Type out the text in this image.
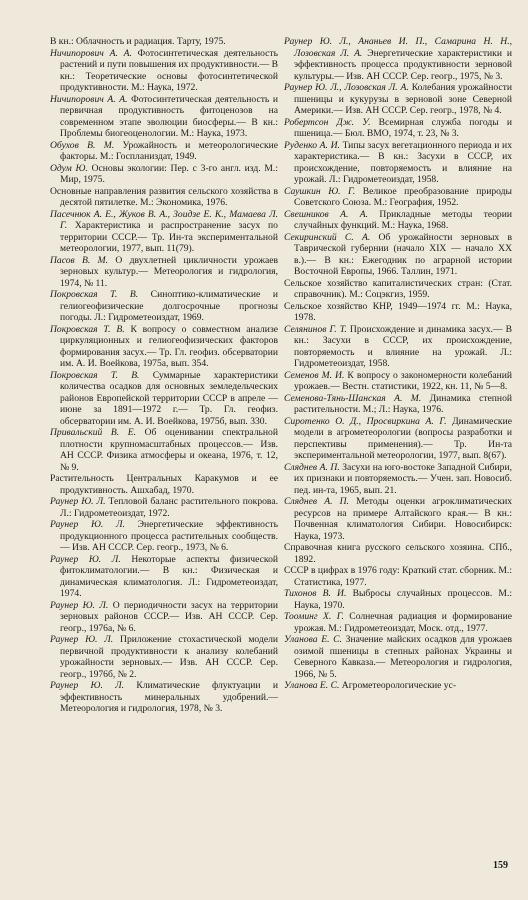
В кн.: Облачность и радиация. Тарту, 1975.

Ничипорович А. А. Фотосинтетическая деятельность растений и пути повышения их продуктивности.— В кн.: Теоретические основы фотосинтетической продуктивности. М.: Наука, 1972.

Ничипорович А. А. Фотосинтетическая деятельность и первичная продуктивность фитоценозов на современном этапе эволюции биосферы.— В кн.: Проблемы биогеоценологии. М.: Наука, 1973.

Обухов В. М. Урожайность и метеорологические факторы. М.: Госпланиздат, 1949.

Одум Ю. Основы экологии: Пер. с 3-го англ. изд. М.: Мир, 1975.

Основные направления развития сельского хозяйства в десятой пятилетке. М.: Экономика, 1976.

Пасечнюк А. Е., Жуков В. А., Зоидзе Е. К., Мамаева Л. Г. Характеристика и распространение засух по территории СССР.— Тр. Ин-та экспериментальной метеорологии, 1977, вып. 11(79).

Пасов В. М. О двухлетней цикличности урожаев зерновых культур.— Метеорология и гидрология, 1974, № 11.

Покровская Т. В. Синоптико-климатические и гелиогеофизические долгосрочные прогнозы погоды. Л.: Гидрометеоиздат, 1969.

Покровская Т. В. К вопросу о совместном анализе циркуляционных и гелиогеофизических факторов формирования засух.— Тр. Гл. геофиз. обсерватории им. А. И. Воейкова, 1975а, вып. 354.

Покровская Т. В. Суммарные характеристики количества осадков для основных земледельческих районов Европейской территории СССР в апреле — июне за 1891—1972 г.— Тр. Гл. геофиз. обсерватории им. А. И. Воейкова, 1975б, вып. 330.

Привальский В. Е. Об оценивании спектральной плотности крупномасштабных процессов.— Изв. АН СССР. Физика атмосферы и океана, 1976, т. 12, № 9.

Растительность Центральных Каракумов и ее продуктивность. Ашхабад, 1970.

Раунер Ю. Л. Тепловой баланс растительного покрова. Л.: Гидрометеоиздат, 1972.

Раунер Ю. Л. Энергетические эффективность продукционного процесса растительных сообществ.— Изв. АН СССР. Сер. геогр., 1973, № 6.

Раунер Ю. Л. Некоторые аспекты физической фитоклиматологии.— В кн.: Физическая и динамическая климатология. Л.: Гидрометеоиздат, 1974.

Раунер Ю. Л. О периодичности засух на территории зерновых районов СССР.— Изв. АН СССР. Сер. геогр., 1976а, № 6.

Раунер Ю. Л. Приложение стохастической модели первичной продуктивности к анализу колебаний урожайности зерновых.— Изв. АН СССР. Сер. геогр., 1976б, № 2.

Раунер Ю. Л. Климатические флуктуации и эффективность минеральных удобрений.— Метеорология и гидрология, 1978, № 3.

Раунер Ю. Л., Ананьев И. П., Самарина Н. Н., Лозовская Л. А. Энергетические характеристики и эффективность процесса продуктивности зерновой культуры.— Изв. АН СССР. Сер. геогр., 1975, № 3.

Раунер Ю. Л., Лозовская Л. А. Колебания урожайности пшеницы и кукурузы в зерновой зоне Северной Америки.— Изв. АН СССР. Сер. геогр., 1978, № 4.

Робертсон Дж. У. Всемирная служба погоды и пшеница.— Бюл. ВМО, 1974, т. 23, № 3.

Руденко А. И. Типы засух вегетационного периода и их характеристика.— В кн.: Засухи в СССР, их происхождение, повторяемость и влияние на урожай. Л.: Гидрометеоиздат, 1958.

Саушкин Ю. Г. Великое преобразование природы Советского Союза. М.: География, 1952.

Свешников А. А. Прикладные методы теории случайных функций. М.: Наука, 1968.

Секиринский С. А. Об урожайности зерновых в Таврической губернии (начало XIX — начало XX в.).— В кн.: Ежегодник по аграрной истории Восточной Европы, 1966. Таллин, 1971.

Сельское хозяйство капиталистических стран: (Стат. справочник). М.: Соцэкгиз, 1959.

Сельское хозяйство КНР, 1949—1974 гг. М.: Наука, 1978.

Селянинов Г. Т. Происхождение и динамика засух.— В кн.: Засухи в СССР, их происхождение, повторяемость и влияние на урожай. Л.: Гидрометеоиздат, 1958.

Семенов М. И. К вопросу о закономерности колебаний урожаев.— Вестн. статистики, 1922, кн. 11, № 5—8.

Семенова-Тянь-Шанская А. М. Динамика степной растительности. М.; Л.: Наука, 1976.

Сиротенко О. Д., Просвиркина А. Г. Динамические модели в агрометеорологии (вопросы разработки и перспективы применения).— Тр. Ин-та экспериментальной метеорологии, 1977, вып. 8(67).

Сляднев А. П. Засухи на юго-востоке Западной Сибири, их признаки и повторяемость.— Учен. зап. Новосиб. пед. ин-та, 1965, вып. 21.

Сляднев А. П. Методы оценки агроклиматических ресурсов на примере Алтайского края.— В кн.: Почвенная климатология Сибири. Новосибирск: Наука, 1973.

Справочная книга русского сельского хозяина. СПб., 1892.

СССР в цифрах в 1976 году: Краткий стат. сборник. М.: Статистика, 1977.

Тихонов В. И. Выбросы случайных процессов. М.: Наука, 1970.

Тооминг Х. Г. Солнечная радиация и формирование урожая. М.: Гидрометеоиздат, Моск. отд., 1977.

Уланова Е. С. Значение майских осадков для урожаев озимой пшеницы в степных районах Украины и Северного Кавказа.— Метеорология и гидрология, 1966, № 5.

Уланова Е. С. Агрометеорологические ус-

159
